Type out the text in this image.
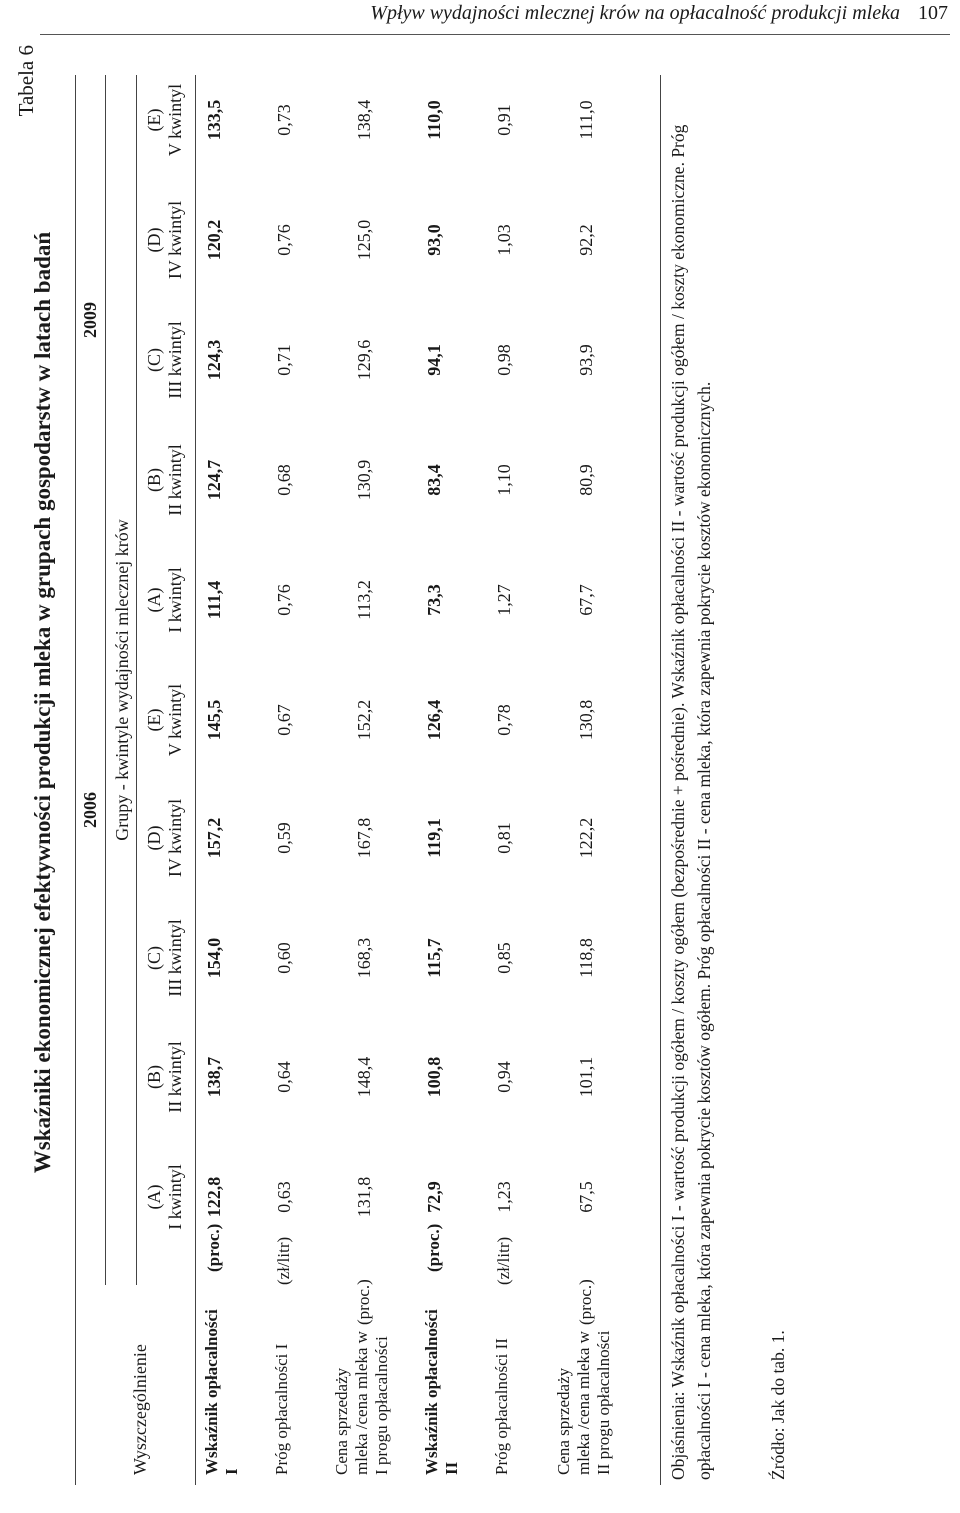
Wpływ wydajności mlecznej krów na opłacalność produkcji mleka 107
Tabela 6
Wskaźniki ekonomicznej efektywności produkcji mleka w grupach gospodarstw w latach badań
Wyszczególnienie
2006
2009
Grupy - kwintyle wydajności mlecznej krów
(A) I kwintyl
(B) II kwintyl
(C) III kwintyl
(D) IV kwintyl
(E) V kwintyl
(A) I kwintyl
(B) II kwintyl
(C) III kwintyl
(D) IV kwintyl
(E) V kwintyl
Wskaźnik opłacalności I
(proc.)
122,8
138,7
154,0
157,2
145,5
111,4
124,7
124,3
120,2
133,5
Próg opłacalności I
(zł/litr)
0,63
0,64
0,60
0,59
0,67
0,76
0,68
0,71
0,76
0,73
Cena sprzedaży mleka /cena mleka w I progu opłacalności
(proc.)
131,8
148,4
168,3
167,8
152,2
113,2
130,9
129,6
125,0
138,4
Wskaźnik opłacalności II
(proc.)
72,9
100,8
115,7
119,1
126,4
73,3
83,4
94,1
93,0
110,0
Próg opłacalności II
(zł/litr)
1,23
0,94
0,85
0,81
0,78
1,27
1,10
0,98
1,03
0,91
Cena sprzedaży mleka /cena mleka w II progu opłacalności
(proc.)
67,5
101,1
118,8
122,2
130,8
67,7
80,9
93,9
92,2
111,0
Objaśnienia: Wskaźnik opłacalności I - wartość produkcji ogółem / koszty ogółem (bezpośrednie + pośrednie). Wskaźnik opłacalności II - wartość produkcji ogółem / koszty ekonomiczne. Próg opłacalności I - cena mleka, która zapewnia pokrycie kosztów ogółem. Próg opłacalności II - cena mleka, która zapewnia pokrycie kosztów ekonomicznych.	Źródło: Jak do tab. 1.
